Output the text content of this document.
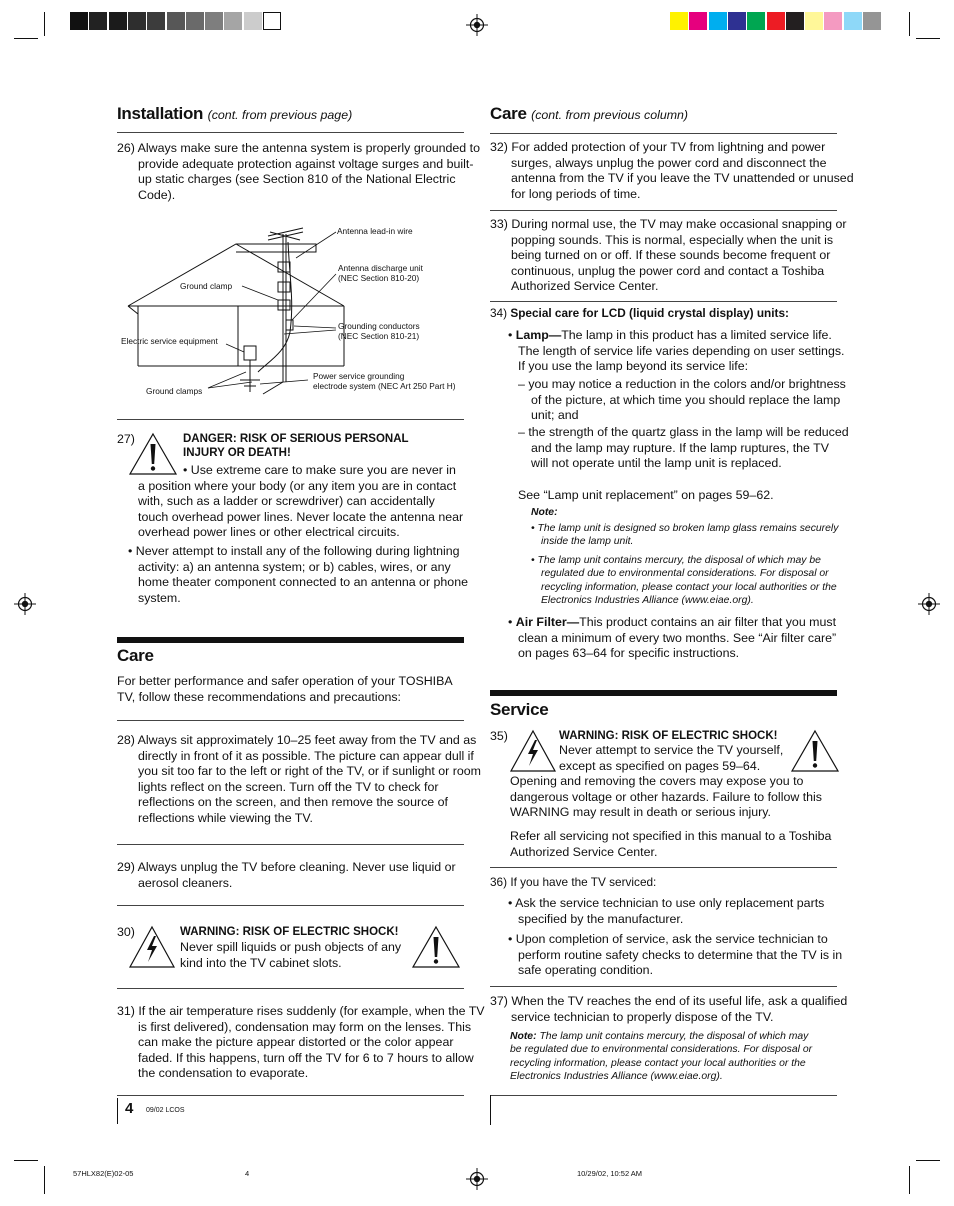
Installation (cont. from previous page)
26) Always make sure the antenna system is properly grounded to provide adequate protection against voltage surges and built-up static charges (see Section 810 of the National Electric Code).
Antenna lead-in wire
Antenna discharge unit
(NEC Section 810-20)
Ground clamp
Grounding conductors
(NEC Section 810-21)
Electric service equipment
Power service grounding
electrode system (NEC Art 250 Part H)
Ground clamps
27)	DANGER: RISK OF SERIOUS PERSONAL INJURY OR DEATH!
• Use extreme care to make sure you are never in a position where your body (or any item you are in contact with, such as a ladder or screwdriver) can accidentally touch overhead power lines. Never locate the antenna near overhead power lines or other electrical circuits.
• Never attempt to install any of the following during lightning activity: a) an antenna system; or b) cables, wires, or any home theater component connected to an antenna or phone system.
Care
For better performance and safer operation of your TOSHIBA TV, follow these recommendations and precautions:
28) Always sit approximately 10–25 feet away from the TV and as directly in front of it as possible. The picture can appear dull if you sit too far to the left or right of the TV, or if sunlight or room lights reflect on the screen. Turn off the TV to check for reflections on the screen, and then remove the source of reflections while viewing the TV.
29) Always unplug the TV before cleaning. Never use liquid or aerosol cleaners.
30)	WARNING: RISK OF ELECTRIC SHOCK!
Never spill liquids or push objects of any kind into the TV cabinet slots.
31) If the air temperature rises suddenly (for example, when the TV is first delivered), condensation may form on the lenses. This can make the picture appear distorted or the color appear faded. If this happens, turn off the TV for 6 to 7 hours to allow the condensation to evaporate.
4 09/02 LCOS
57HLX82(E)02-05	4	10/29/02, 10:52 AM
Care (cont. from previous column)
32) For added protection of your TV from lightning and power surges, always unplug the power cord and disconnect the antenna from the TV if you leave the TV unattended or unused for long periods of time.
33) During normal use, the TV may make occasional snapping or popping sounds. This is normal, especially when the unit is being turned on or off. If these sounds become frequent or continuous, unplug the power cord and contact a Toshiba Authorized Service Center.
34) Special care for LCD (liquid crystal display) units:
• Lamp—The lamp in this product has a limited service life. The length of service life varies depending on user settings. If you use the lamp beyond its service life:
– you may notice a reduction in the colors and/or brightness of the picture, at which time you should replace the lamp unit; and
– the strength of the quartz glass in the lamp will be reduced and the lamp may rupture. If the lamp ruptures, the TV will not operate until the lamp unit is replaced.
See “Lamp unit replacement” on pages 59–62.
Note:
• The lamp unit is designed so broken lamp glass remains securely inside the lamp unit.
• The lamp unit contains mercury, the disposal of which may be regulated due to environmental considerations. For disposal or recycling information, please contact your local authorities or the Electronics Industries Alliance (www.eiae.org).
• Air Filter—This product contains an air filter that you must clean a minimum of every two months. See “Air filter care” on pages 63–64 for specific instructions.
Service
35)	WARNING: RISK OF ELECTRIC SHOCK!
Never attempt to service the TV yourself, except as specified on pages 59–64.
Opening and removing the covers may expose you to dangerous voltage or other hazards. Failure to follow this WARNING may result in death or serious injury.
Refer all servicing not specified in this manual to a Toshiba Authorized Service Center.
36) If you have the TV serviced:
• Ask the service technician to use only replacement parts specified by the manufacturer.
• Upon completion of service, ask the service technician to perform routine safety checks to determine that the TV is in safe operating condition.
37) When the TV reaches the end of its useful life, ask a qualified service technician to properly dispose of the TV.
Note: The lamp unit contains mercury, the disposal of which may be regulated due to environmental considerations. For disposal or recycling information, please contact your local authorities or the Electronics Industries Alliance (www.eiae.org).
